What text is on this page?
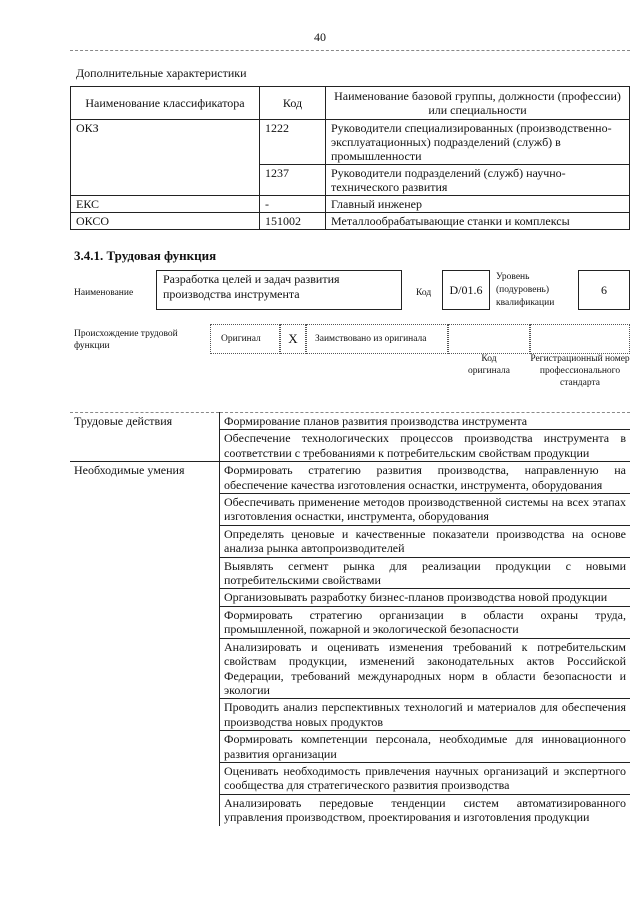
40
Дополнительные характеристики
Наименование классификатора	Код	Наименование базовой группы, должности (профессии) или специальности
ОКЗ	1222	Руководители специализированных (производственно-эксплуатационных) подразделений (служб) в промышленности
	1237	Руководители подразделений (служб) научно-технического развития
ЕКС	-	Главный инженер
ОКСО	151002	Металлообрабатывающие станки и комплексы
3.4.1. Трудовая функция
Наименование
Разработка целей и задач развития производства инструмента	Код	D/01.6
Уровень (подуровень) квалификации
6
Происхождение трудовой функции
Оригинал	X	Заимствовано из оригинала
Код оригинала
Регистрационный номер профессионального стандарта
Трудовые действия	Формирование планов развития производства инструмента
	Обеспечение технологических процессов производства инструмента в соответствии с требованиями к потребительским свойствам продукции
Необходимые умения	Формировать стратегию развития производства, направленную на обеспечение качества изготовления оснастки, инструмента, оборудования
	Обеспечивать применение методов производственной системы на всех этапах изготовления оснастки, инструмента, оборудования
	Определять ценовые и качественные показатели производства на основе анализа рынка автопроизводителей
	Выявлять сегмент рынка для реализации продукции с новыми потребительскими свойствами
	Организовывать разработку бизнес-планов производства новой продукции
	Формировать стратегию организации в области охраны труда, промышленной, пожарной и экологической безопасности
	Анализировать и оценивать изменения требований к потребительским свойствам продукции, изменений законодательных актов Российской Федерации, требований международных норм в области безопасности и экологии
	Проводить анализ перспективных технологий и материалов для обеспечения производства новых продуктов
	Формировать компетенции персонала, необходимые для инновационного развития организации
	Оценивать необходимость привлечения научных организаций и экспертного сообщества для стратегического развития производства
	Анализировать передовые тенденции систем автоматизированного управления производством, проектирования и изготовления продукции
